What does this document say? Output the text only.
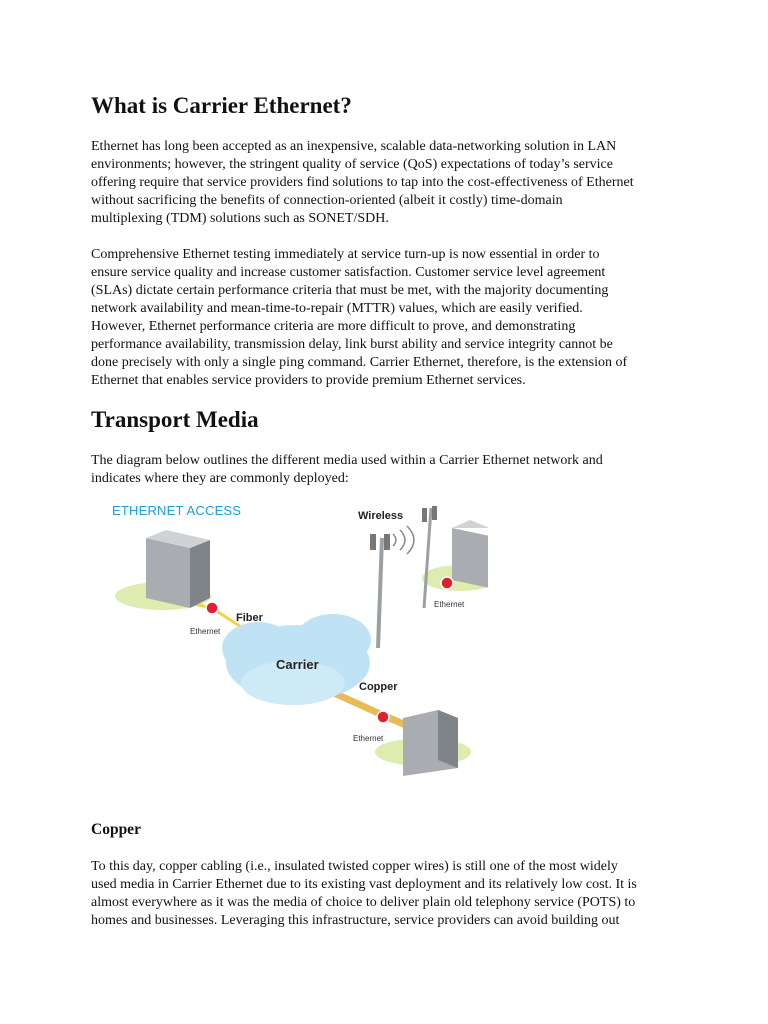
What is Carrier Ethernet?

Ethernet has long been accepted as an inexpensive, scalable data-networking solution in LAN
environments; however, the stringent quality of service (QoS) expectations of today’s service
offering require that service providers find solutions to tap into the cost-effectiveness of Ethernet
without sacrificing the benefits of connection-oriented (albeit it costly) time-domain
multiplexing (TDM) solutions such as SONET/SDH.

Comprehensive Ethernet testing immediately at service turn-up is now essential in order to
ensure service quality and increase customer satisfaction. Customer service level agreement
(SLAs) dictate certain performance criteria that must be met, with the majority documenting
network availability and mean-time-to-repair (MTTR) values, which are easily verified.
However, Ethernet performance criteria are more difficult to prove, and demonstrating
performance availability, transmission delay, link burst ability and service integrity cannot be
done precisely with only a single ping command. Carrier Ethernet, therefore, is the extension of
Ethernet that enables service providers to provide premium Ethernet services.

Transport Media

The diagram below outlines the different media used within a Carrier Ethernet network and
indicates where they are commonly deployed:

Copper

To this day, copper cabling (i.e., insulated twisted copper wires) is still one of the most widely
used media in Carrier Ethernet due to its existing vast deployment and its relatively low cost. It is
almost everywhere as it was the media of choice to deliver plain old telephony service (POTS) to
homes and businesses. Leveraging this infrastructure, service providers can avoid building out

ETHERNET ACCESS	Wireless
Carrier
Fiber
Ethernet
Ethernet
Copper
Ethernet
